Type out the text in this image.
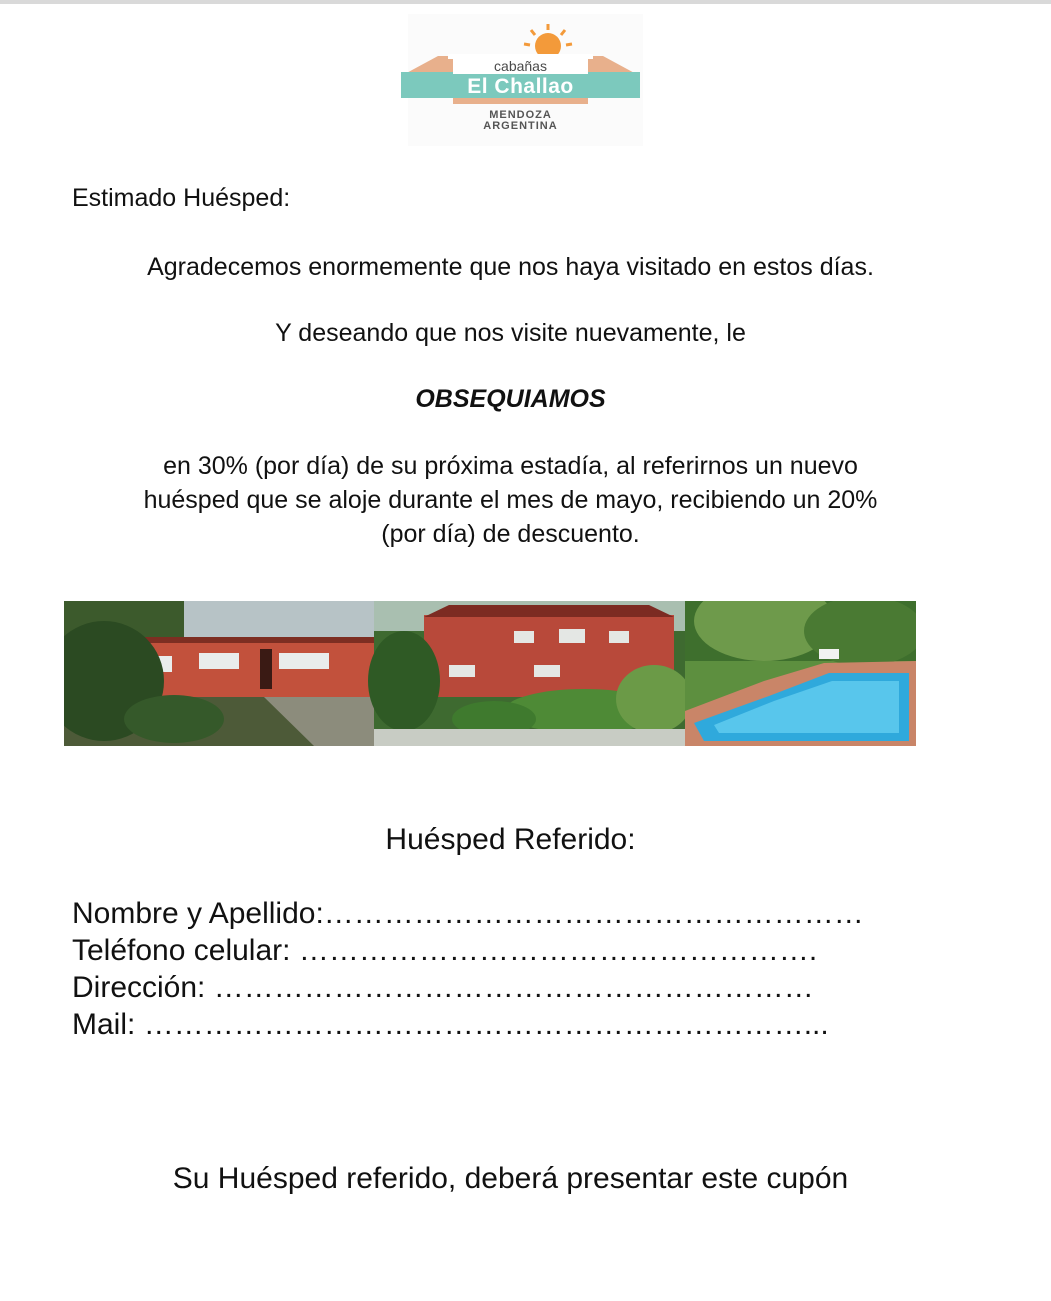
cabañas
El Challao
MENDOZA
ARGENTINA
Estimado Huésped:
Agradecemos enormemente que nos haya visitado en estos días.
Y deseando que nos visite nuevamente, le
OBSEQUIAMOS
en 30% (por día) de su próxima estadía, al referirnos un nuevo
huésped que se aloje durante el mes de mayo, recibiendo un 20%
(por día) de descuento.
Huésped Referido:
Nombre y Apellido:………………………………………………
Teléfono celular: …………………………………………….
Dirección: ……………………………………………………
Mail: …………………………………………………………...
Su Huésped referido, deberá presentar este cupón
